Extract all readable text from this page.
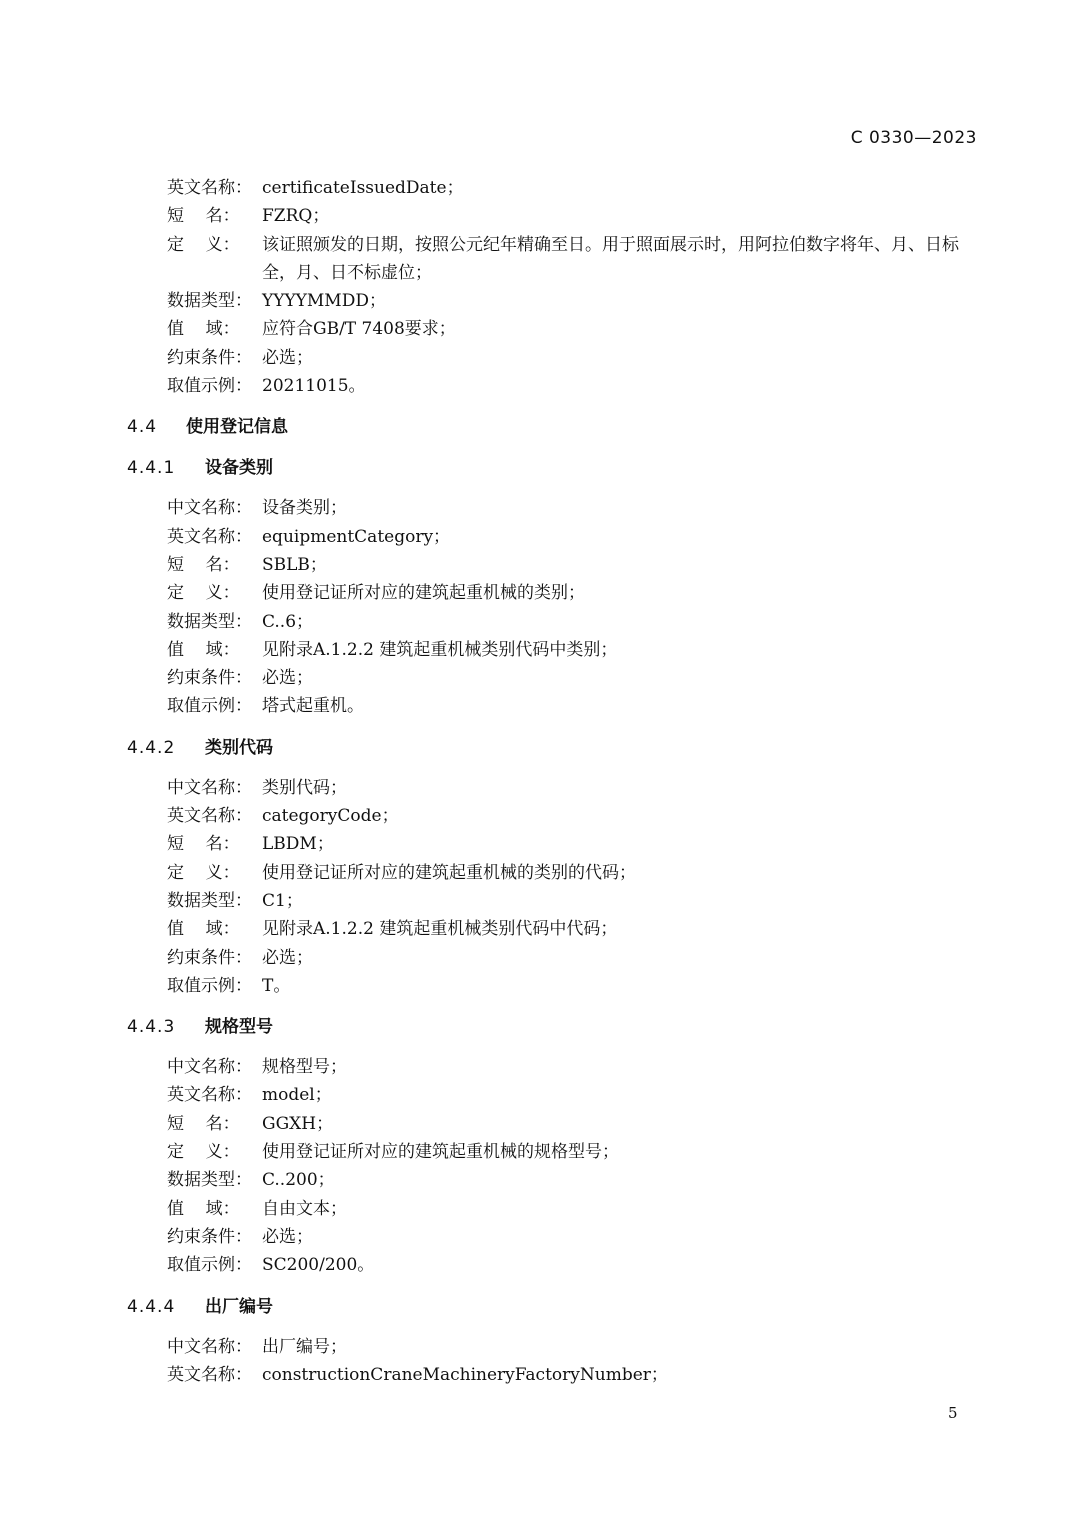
C 0330—2023
英文名称： certificateIssuedDate；
短    名：	FZRQ；
定    义：	该证照颁发的日期，按照公元纪年精确至日。用于照面展示时，用阿拉伯数字将年、月、日标全，月、日不标虚位；
数据类型： YYYYMMDD；
值    域：	应符合GB/T 7408要求；
约束条件： 必选；
取值示例： 20211015。
4.4	使用登记信息
4.4.1	设备类别
中文名称： 设备类别；
英文名称： equipmentCategory；
短    名：	SBLB；
定    义：	使用登记证所对应的建筑起重机械的类别；
数据类型： C..6；
值    域：	见附录A.1.2.2 建筑起重机械类别代码中类别；
约束条件： 必选；
取值示例： 塔式起重机。
4.4.2	类别代码
中文名称： 类别代码；
英文名称： categoryCode；
短    名：	LBDM；
定    义：	使用登记证所对应的建筑起重机械的类别的代码；
数据类型： C1；
值    域：	见附录A.1.2.2 建筑起重机械类别代码中代码；
约束条件： 必选；
取值示例： T。
4.4.3	规格型号
中文名称： 规格型号；
英文名称： model；
短    名：	GGXH；
定    义：	使用登记证所对应的建筑起重机械的规格型号；
数据类型： C..200；
值    域：	自由文本；
约束条件： 必选；
取值示例： SC200/200。
4.4.4	出厂编号
中文名称： 出厂编号；
英文名称： constructionCraneMachineryFactoryNumber；
5
